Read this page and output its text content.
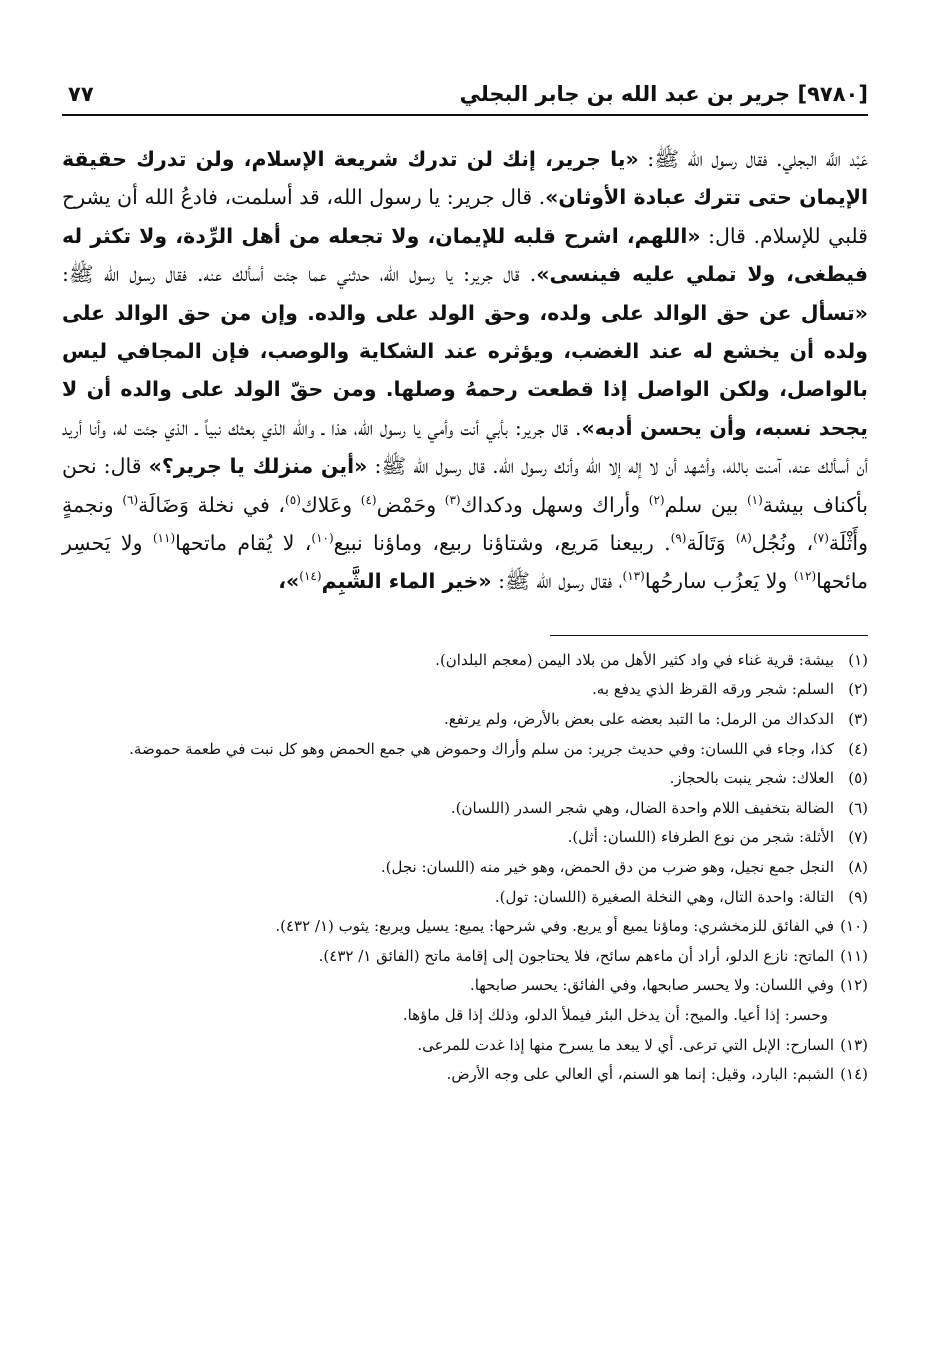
[٩٧٨٠] جرير بن عبد الله بن جابر البجلي
٧٧
عَبْد اللَّه البجلي. فقال رسول الله ﷺ: «يا جرير، إنك لن تدرك شريعة الإسلام، ولن تدرك حقيقة الإيمان حتى تترك عبادة الأوثان». قال جرير: يا رسول الله، قد أسلمت، فادعُ الله أن يشرح قلبي للإسلام. قال: «اللهم، اشرح قلبه للإيمان، ولا تجعله من أهل الرِّدة، ولا تكثر له فيطغى، ولا تملي عليه فينسى». قال جرير: يا رسول الله، حدثني عما جئت أسألك عنه. فقال رسول الله ﷺ: «تسأل عن حق الوالد على ولده، وحق الولد على والده. وإن من حق الوالد على ولده أن يخشع له عند الغضب، ويؤثره عند الشكاية والوصب، فإن المجافي ليس بالواصل، ولكن الواصل إذا قطعت رحمهُ وصلها. ومن حقّ الولد على والده أن لا يجحد نسبه، وأن يحسن أدبه». قال جرير: بأبي أنت وأمي يا رسول الله، هذا ـ والله الذي بعثك نبياً ـ الذي جئت له، وأنا أريد أن أسألك عنه، آمنت بالله، وأشهد أن لا إله إلا الله وأنك رسول الله. قال رسول الله ﷺ: «أين منزلك يا جرير؟» قال: نحن بأكناف بيشة$^{(١)}$ بين سلم$^{(٢)}$ وأراك وسهل ودكداك$^{(٣)}$ وحَمْض$^{(٤)}$ وعَلاك$^{(٥)}$، في نخلة وَضَالَة$^{(٦)}$ ونجمةٍ وأَثْلَة$^{(٧)}$، ونُجُل$^{(٨)}$ وَتَالَة$^{(٩)}$. ربيعنا مَريع، وشتاؤنا ربيع، وماؤنا نبيع$^{(١٠)}$، لا يُقام ماتحها$^{(١١)}$ ولا يَحسِر مائحها$^{(١٢)}$ ولا يَعزُب سارحُها$^{(١٣)}$، فقال رسول الله ﷺ: «خير الماء الشَّبِم$^{(١٤)}$»،
(١)
بيشة: قرية غناء في واد كثير الأهل من بلاد اليمن (معجم البلدان).
(٢)
السلم: شجر ورقه القرظ الذي يدفع به.
(٣)
الدكداك من الرمل: ما التبد بعضه على بعض بالأرض، ولم يرتفع.
(٤)
كذا، وجاء في اللسان: وفي حديث جرير: من سلم وأراك وحموض هي جمع الحمض وهو كل نبت في طعمة حموضة.
(٥)
العلاك: شجر ينبت بالحجاز.
(٦)
الضالة بتخفيف اللام واحدة الضال، وهي شجر السدر (اللسان).
(٧)
الأثلة: شجر من نوع الطرفاء (اللسان: أثل).
(٨)
النجل جمع نجيل، وهو ضرب من دق الحمض، وهو خير منه (اللسان: نجل).
(٩)
التالة: واحدة التال، وهي النخلة الصغيرة (اللسان: تول).
(١٠)
في الفائق للزمخشري: وماؤنا يميع أو يربع. وفي شرحها: يميع: يسيل ويربع: يثوب (١/ ٤٣٢).
(١١)
الماتح: نازع الدلو، أراد أن ماءهم سائح، فلا يحتاجون إلى إقامة ماتح (الفائق ١/ ٤٣٢).
(١٢)
وفي اللسان: ولا يحسر صابحها، وفي الفائق: يحسر صابحها.
وحسر: إذا أعيا. والميح: أن يدخل البئر فيملأ الدلو، وذلك إذا قل ماؤها.
(١٣)
السارح: الإبل التي ترعى. أي لا يبعد ما يسرح منها إذا غدت للمرعى.
(١٤)
الشبم: البارد، وقيل: إنما هو السنم، أي العالي على وجه الأرض.
